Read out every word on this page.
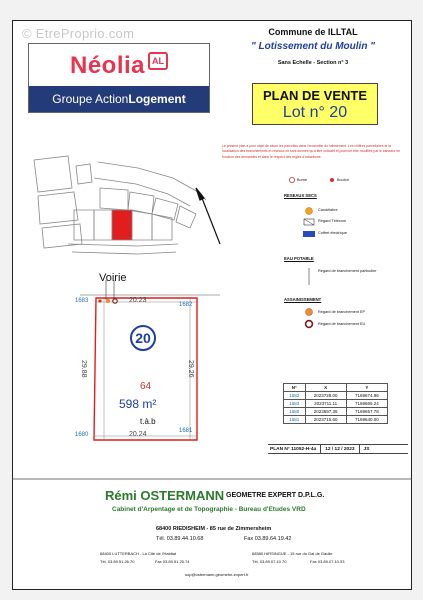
© EtreProprio.com
Néolia AL
Groupe Action Logement
Commune de ILLTAL
" Lotissement du Moulin "
Sans Echelle - Section n° 3
PLAN DE VENTE
Lot n° 20
Le présent plan a pour objet de situer les parcelles dans l'ensemble du lotissement. Les chiffres parcellaires et la localisation des branchements et réseaux ne sont donnés qu'à titre indicatif et pourront être modifiés par le lotisseur en fonction des demandes et dans le respect des règles d'urbanisme.
Borne	Boulon
RESEAUX SECS
Candélabre
Regard Télécom
Coffret électrique
EAU POTABLE
Regard de branchement particulier
ASSAINISSEMENT
Regard de branchement EP
Regard de branchement EU
Voirie
1683
1682
1680
1681
20.23
20.24
29.88	29.26
20
64
598 m²
t.à.b
N°	X	Y
1682	2023728.00	7169674.96
1683	2023711.11	7169665.24
1680	2023697.36	7169657.78
1681	2023715.60	7169640.00
PLAN N° 11052-H-4a 12 / 12 / 2023 JS
Rémi OSTERMANN GEOMETRE EXPERT D.P.L.G.
Cabinet d'Arpentage et de Topographie - Bureau d'Etudes VRD
68400 RIEDISHEIM - 85 rue de Zimmersheim
Tél. 03.89.44.10.68	Fax 03.89.64.19.42
68400 LUTTERBACH - La Cité de l'Habitat
Tél. 03.89.51.26.70	Fax 03.89.51.25.74
68580 HIRSINGUE - 15 rue du Gal de Gaulle
Tél. 03.89.07.10.70	Fax 03.89.07.10.93
sop@ostermann.geometre-expert.fr
